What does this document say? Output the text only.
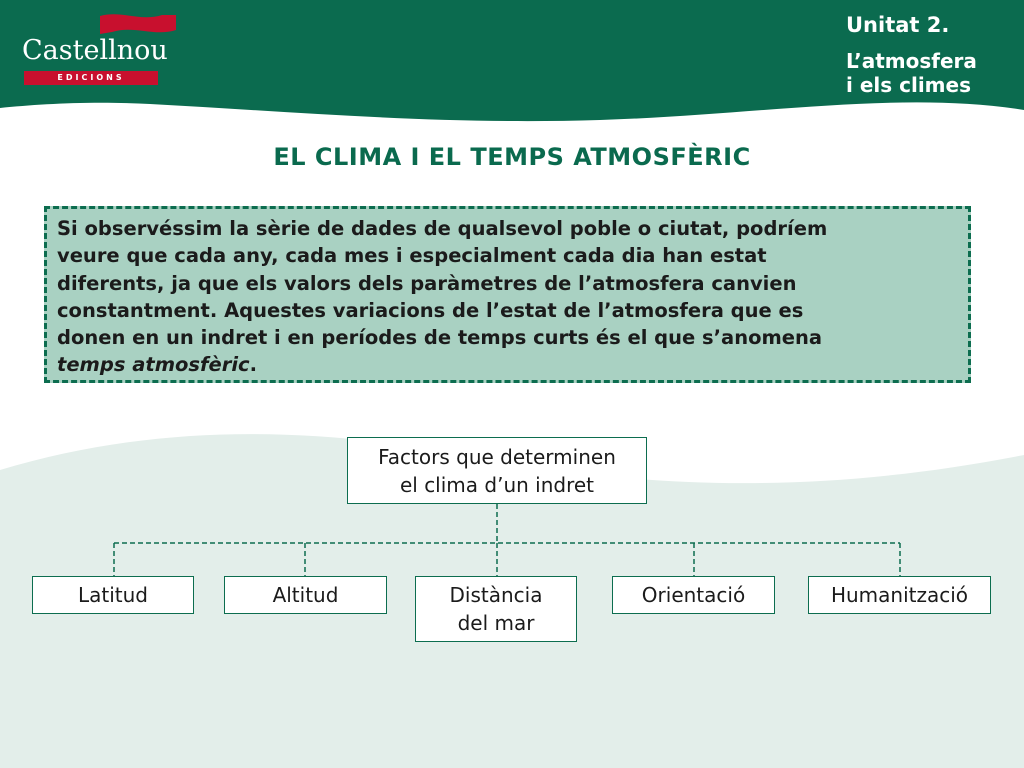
Castellnou
EDICIONS
Unitat 2.
L’atmosfera
i els climes
EL CLIMA I EL TEMPS ATMOSFÈRIC
Si observéssim la sèrie de dades de qualsevol poble o ciutat, podríem
veure que cada any, cada mes i especialment cada dia han estat
diferents, ja que els valors dels paràmetres de l’atmosfera canvien
constantment. Aquestes variacions de l’estat de l’atmosfera que es
donen en un indret i en períodes de temps curts és el que s’anomena
temps atmosfèric.
Factors que determinen
el clima d’un indret
Latitud	Altitud	Distància
del mar
Orientació	Humanització
